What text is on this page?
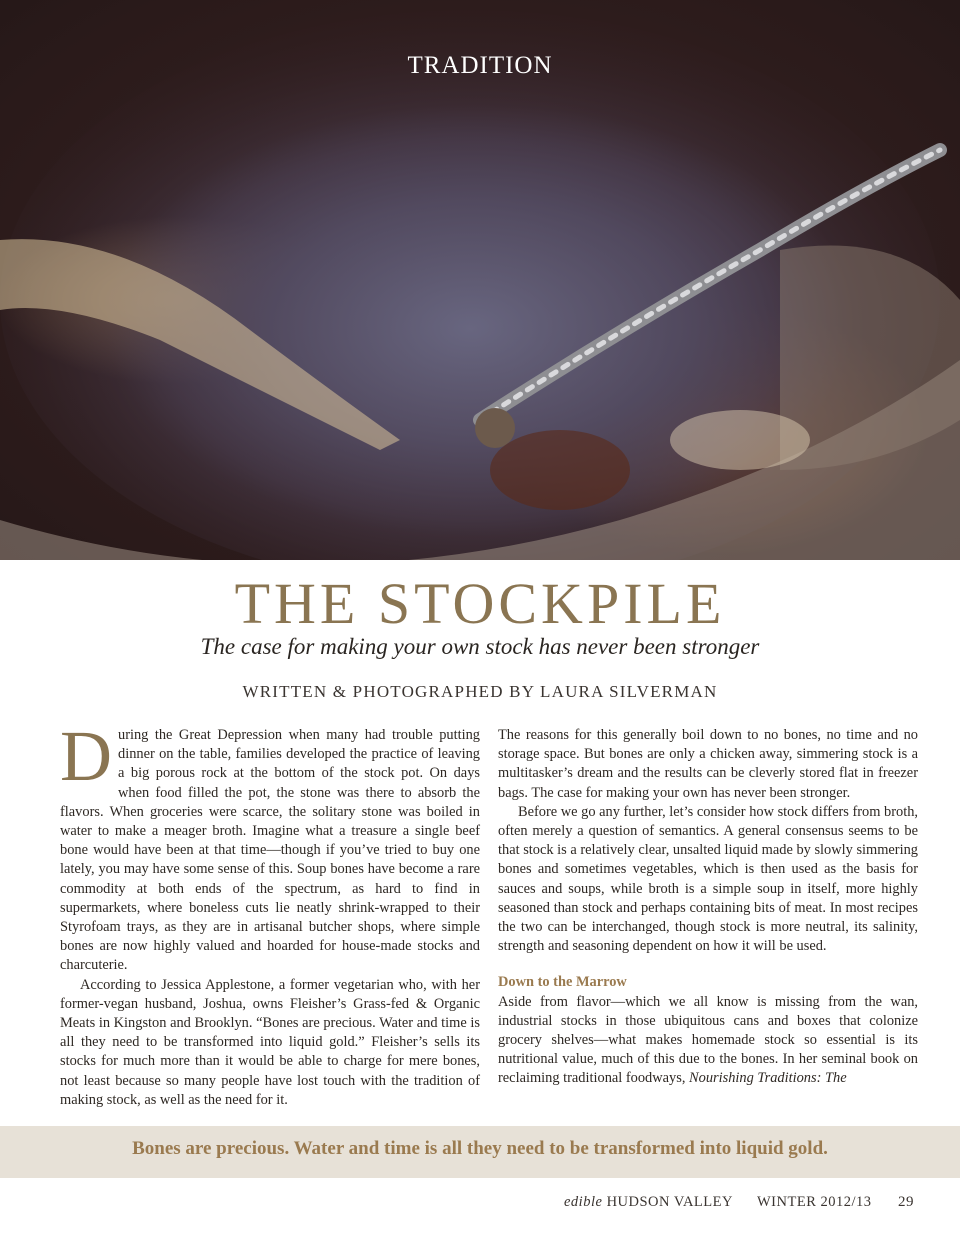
TRADITION
THE STOCKPILE
The case for making your own stock has never been stronger
WRITTEN & PHOTOGRAPHED BY LAURA SILVERMAN

During the Great Depression when many had trouble putting dinner on the table, families developed the practice of leaving a big porous rock at the bottom of the stock pot. On days when food filled the pot, the stone was there to absorb the flavors. When groceries were scarce, the solitary stone was boiled in water to make a meager broth. Imagine what a treasure a single beef bone would have been at that time—though if you’ve tried to buy one lately, you may have some sense of this. Soup bones have become a rare commodity at both ends of the spectrum, as hard to find in supermarkets, where boneless cuts lie neatly shrink-wrapped to their Styrofoam trays, as they are in artisanal butcher shops, where simple bones are now highly valued and hoarded for house-made stocks and charcuterie.

According to Jessica Applestone, a former vegetarian who, with her former-vegan husband, Joshua, owns Fleisher’s Grass-fed & Organic Meats in Kingston and Brooklyn. “Bones are precious. Water and time is all they need to be transformed into liquid gold.” Fleisher’s sells its stocks for much more than it would be able to charge for mere bones, not least because so many people have lost touch with the tradition of making stock, as well as the need for it.

The reasons for this generally boil down to no bones, no time and no storage space. But bones are only a chicken away, simmering stock is a multitasker’s dream and the results can be cleverly stored flat in freezer bags. The case for making your own has never been stronger.

Before we go any further, let’s consider how stock differs from broth, often merely a question of semantics. A general consensus seems to be that stock is a relatively clear, unsalted liquid made by slowly simmering bones and sometimes vegetables, which is then used as the basis for sauces and soups, while broth is a simple soup in itself, more highly seasoned than stock and perhaps containing bits of meat. In most recipes the two can be interchanged, though stock is more neutral, its salinity, strength and seasoning dependent on how it will be used.

Down to the Marrow

Aside from flavor—which we all know is missing from the wan, industrial stocks in those ubiquitous cans and boxes that colonize grocery shelves—what makes homemade stock so essential is its nutritional value, much of this due to the bones. In her seminal book on reclaiming traditional foodways, Nourishing Traditions: The

Bones are precious. Water and time is all they need to be transformed into liquid gold.
edible HUDSON VALLEY WINTER 2012/13 29
